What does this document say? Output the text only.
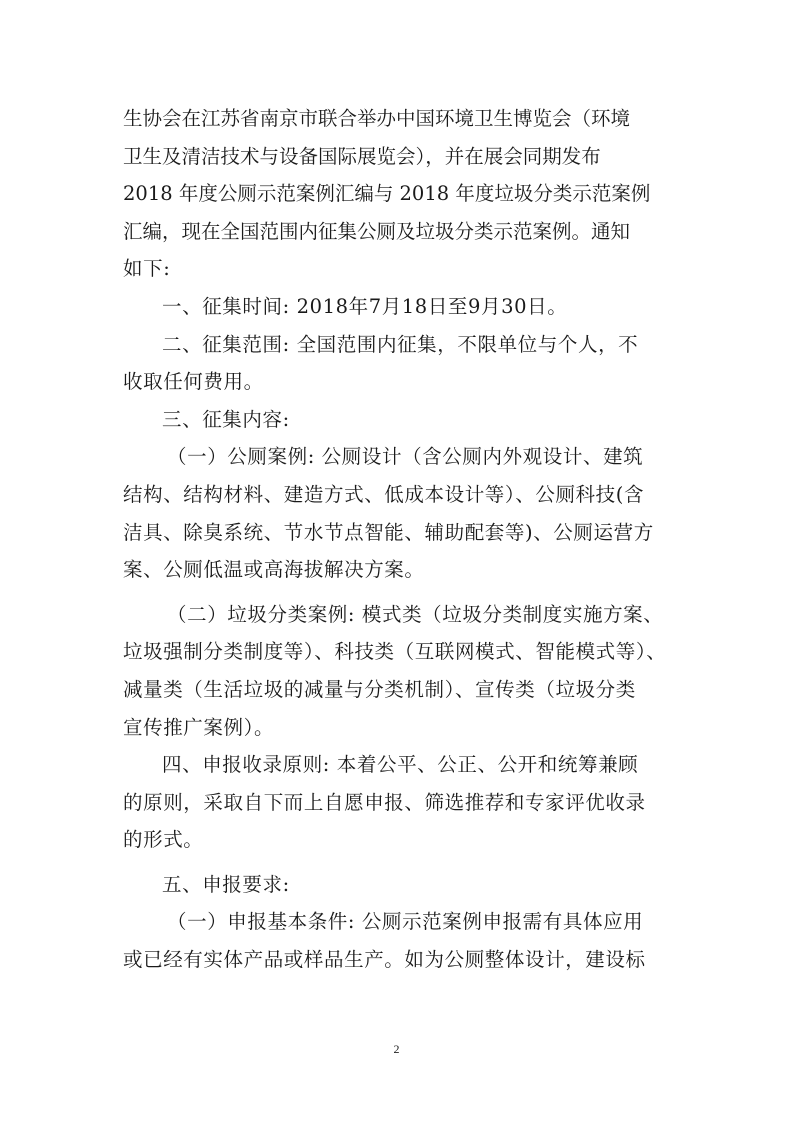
生协会在江苏省南京市联合举办中国环境卫生博览会（环境
卫生及清洁技术与设备国际展览会），并在展会同期发布
2018 年度公厕示范案例汇编与 2018 年度垃圾分类示范案例
汇编，现在全国范围内征集公厕及垃圾分类示范案例。通知
如下:
一、征集时间: 2018年7月18日至9月30日。
二、征集范围: 全国范围内征集，不限单位与个人，不
收取任何费用。
三、征集内容:
（一）公厕案例: 公厕设计（含公厕内外观设计、建筑
结构、结构材料、建造方式、低成本设计等）、公厕科技(含
洁具、除臭系统、节水节点智能、辅助配套等)、公厕运营方
案、公厕低温或高海拔解决方案。
（二）垃圾分类案例: 模式类（垃圾分类制度实施方案、
垃圾强制分类制度等）、科技类（互联网模式、智能模式等）、
减量类（生活垃圾的减量与分类机制）、宣传类（垃圾分类
宣传推广案例）。
四、申报收录原则: 本着公平、公正、公开和统筹兼顾
的原则，采取自下而上自愿申报、筛选推荐和专家评优收录
的形式。
五、申报要求:
（一）申报基本条件: 公厕示范案例申报需有具体应用
或已经有实体产品或样品生产。如为公厕整体设计，建设标
2
